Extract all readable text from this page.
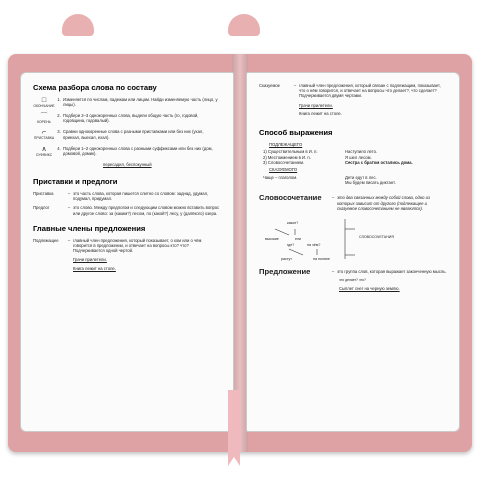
Схема разбора слова по составу
□
ОКОНЧАНИЕ
1. Изменяется по числам, падежам или лицам. Найди изменяемую часть (лицо, у лицы).
⌒
КОРЕНЬ
2. Подбери 2–3 однокоренных слова, выдели общую часть (го, годовой, годовщина, годовалый).
⌐
ПРИСТАВКА
3. Сравни однокоренные слова с разными приставками или без них (ухал, приехал, выехал, ехал).
∧
СУФФИКС
4. Подбери 1–2 однокоренных слова с разными суффиксами или без них (дом, домовой, домик).
пересадил, беспокунный
Приставки и предлоги
Приставка	– это часть слова, которая пишется слитно со словом: заднад, удумал, подумал, придумал.
Предлог	– это слово. Между предлогом и следующим словом можно вставить вопрос или другое слово: за (каким?) лесом, по (какой?) лесу, у (далёкого) озера.
Главные члены предложения
Подлежащее	– главный член предложения, который показывает, о ком или о чём говорится в предложении, и отвечает на вопросы кто? что? Подчеркивается одной чертой.
Грачи прилетели.
Книга лежит на столе.
Сказуемое	– главный член предложения, который связан с подлежащим, показывает, что о нём говорится, и отвечает на вопросы что делает?, что сделает? Подчеркивается двумя чертами.
Грачи прилетели.
Книга лежит на столе.
Способ выражения
ПОДЛЕЖАЩЕГО
1) Существительным в И. п.	Наступило лето.
2) Местоимением в И. п.	Я шел лесом.
3) Словосочетанием.	Сестра с братом остались дома.
СКАЗУЕМОГО
Чаще – глаголом.	Дети едут в лес.
Мы будем писать диктант.
Словосочетание	– это два связанных между собой слова, одно из которых зависит от другого (подлежащее и сказуемое словосочетанием не являются).
какое?
высокие	ели
где?	на чём?
растут	на поляне
СЛОВОСОЧЕТАНИЯ
Предложение	– это группа слов, которая выражает законченную мысль.
что делает? что?
Сыплет снег на черную землю.
